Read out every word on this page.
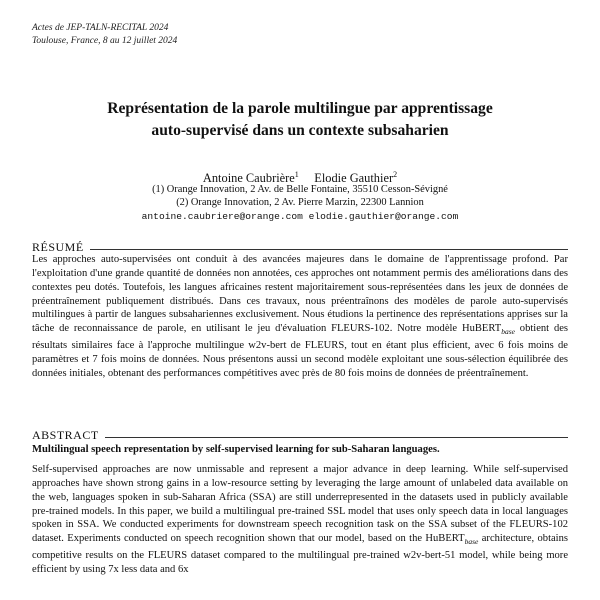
Actes de JEP-TALN-RECITAL 2024
Toulouse, France, 8 au 12 juillet 2024
Représentation de la parole multilingue par apprentissage
auto-supervisé dans un contexte subsaharien
Antoine Caubrière$^1$ Elodie Gauthier$^2$
(1) Orange Innovation, 2 Av. de Belle Fontaine, 35510 Cesson-Sévigné
(2) Orange Innovation, 2 Av. Pierre Marzin, 22300 Lannion
antoine.caubriere@orange.com elodie.gauthier@orange.com
RÉSUMÉ

Les approches auto-supervisées ont conduit à des avancées majeures dans le domaine de l'apprentissage profond. Par l'exploitation d'une grande quantité de données non annotées, ces approches ont notamment permis des améliorations dans des contextes peu dotés. Toutefois, les langues africaines restent majoritairement sous-représentées dans les jeux de données de préentraînement publiquement distribués. Dans ces travaux, nous préentraînons des modèles de parole auto-supervisés multilingues à partir de langues subsahariennes exclusivement. Nous étudions la pertinence des représentations apprises sur la tâche de reconnaissance de parole, en utilisant le jeu d'évaluation FLEURS-102. Notre modèle HuBERT$_{base}$ obtient des résultats similaires face à l'approche multilingue w2v-bert de FLEURS, tout en étant plus efficient, avec 6 fois moins de paramètres et 7 fois moins de données. Nous présentons aussi un second modèle exploitant une sous-sélection équilibrée des données initiales, obtenant des performances compétitives avec près de 80 fois moins de données de préentraînement.

ABSTRACT
Multilingual speech representation by self-supervised learning for sub-Saharan languages.

Self-supervised approaches are now unmissable and represent a major advance in deep learning. While self-supervised approaches have shown strong gains in a low-resource setting by leveraging the large amount of unlabeled data available on the web, languages spoken in sub-Saharan Africa (SSA) are still underrepresented in the datasets used in publicly available pre-trained models. In this paper, we build a multilingual pre-trained SSL model that uses only speech data in local languages spoken in SSA. We conducted experiments for downstream speech recognition task on the SSA subset of the FLEURS-102 dataset. Experiments conducted on speech recognition shown that our model, based on the HuBERT$_{base}$ architecture, obtains competitive results on the FLEURS dataset compared to the multilingual pre-trained w2v-bert-51 model, while being more efficient by using 7x less data and 6x
